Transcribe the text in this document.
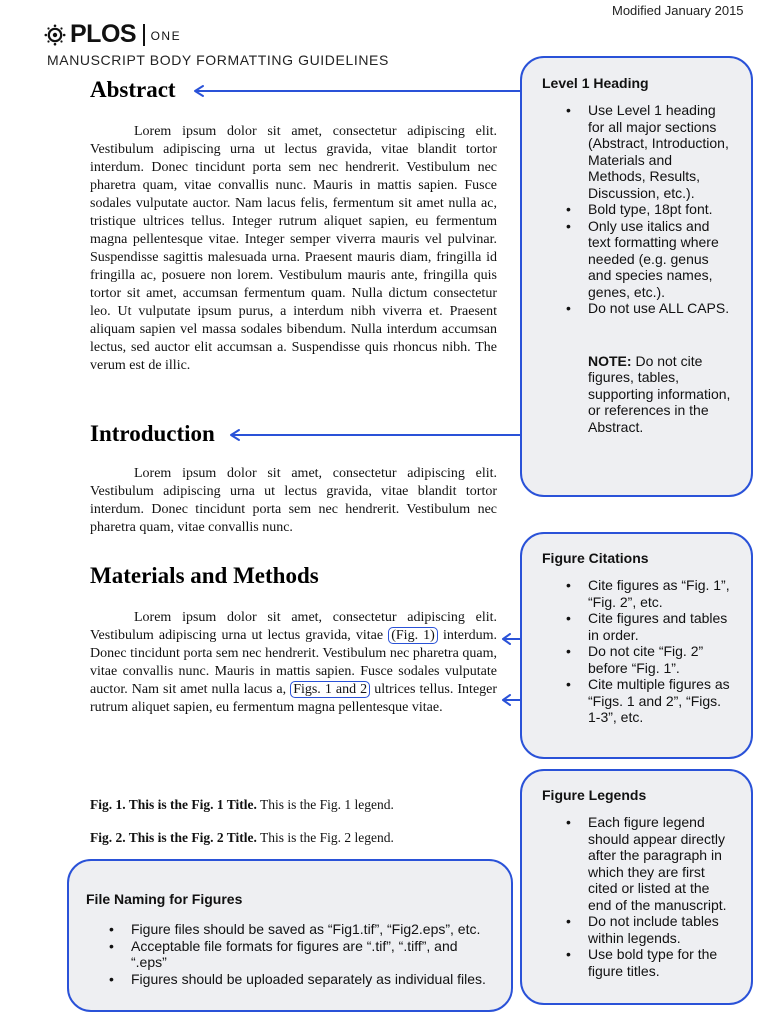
Modified January 2015
PLOS ONE
MANUSCRIPT BODY FORMATTING GUIDELINES
Abstract
Lorem ipsum dolor sit amet, consectetur adipiscing elit. Vestibulum adipiscing urna ut lectus gravida, vitae blandit tortor interdum. Donec tincidunt porta sem nec hendrerit. Vestibulum nec pharetra quam, vitae convallis nunc. Mauris in mattis sapien. Fusce sodales vulputate auctor. Nam lacus felis, fermentum sit amet nulla ac, tristique ultrices tellus. Integer rutrum aliquet sapien, eu fermentum magna pellentesque vitae. Integer semper viverra mauris vel pulvinar. Suspendisse sagittis malesuada urna. Praesent mauris diam, fringilla id fringilla ac, posuere non lorem. Vestibulum mauris ante, fringilla quis tortor sit amet, accumsan fermentum quam. Nulla dictum consectetur leo. Ut vulputate ipsum purus, a interdum nibh viverra et. Praesent aliquam sapien vel massa sodales bibendum. Nulla interdum accumsan lectus, sed auctor elit accumsan a. Suspendisse quis rhoncus nibh. The verum est de illic.
Introduction
Lorem ipsum dolor sit amet, consectetur adipiscing elit. Vestibulum adipiscing urna ut lectus gravida, vitae blandit tortor interdum. Donec tincidunt porta sem nec hendrerit. Vestibulum nec pharetra quam, vitae convallis nunc.
Materials and Methods
Lorem ipsum dolor sit amet, consectetur adipiscing elit. Vestibulum adipiscing urna ut lectus gravida, vitae (Fig. 1) interdum. Donec tincidunt porta sem nec hendrerit. Vestibulum nec pharetra quam, vitae convallis nunc. Mauris in mattis sapien. Fusce sodales vulputate auctor. Nam sit amet nulla lacus a, Figs. 1 and 2 ultrices tellus. Integer rutrum aliquet sapien, eu fermentum magna pellentesque vitae.
Fig. 1. This is the Fig. 1 Title. This is the Fig. 1 legend.
Fig. 2. This is the Fig. 2 Title. This is the Fig. 2 legend.
Level 1 Heading
• Use Level 1 heading for all major sections (Abstract, Introduction, Materials and Methods, Results, Discussion, etc.).
• Bold type, 18pt font.
• Only use italics and text formatting where needed (e.g. genus and species names, genes, etc.).
• Do not use ALL CAPS.
NOTE: Do not cite figures, tables, supporting information, or references in the Abstract.
Figure Citations
• Cite figures as “Fig. 1”, “Fig. 2”, etc.
• Cite figures and tables in order.
• Do not cite “Fig. 2” before “Fig. 1”.
• Cite multiple figures as “Figs. 1 and 2”, “Figs. 1-3”, etc.
Figure Legends
• Each figure legend should appear directly after the paragraph in which they are first cited or listed at the end of the manuscript.
• Do not include tables within legends.
• Use bold type for the figure titles.
File Naming for Figures
• Figure files should be saved as “Fig1.tif”, “Fig2.eps”, etc.
• Acceptable file formats for figures are “.tif”, “.tiff”, and “.eps”
• Figures should be uploaded separately as individual files.
